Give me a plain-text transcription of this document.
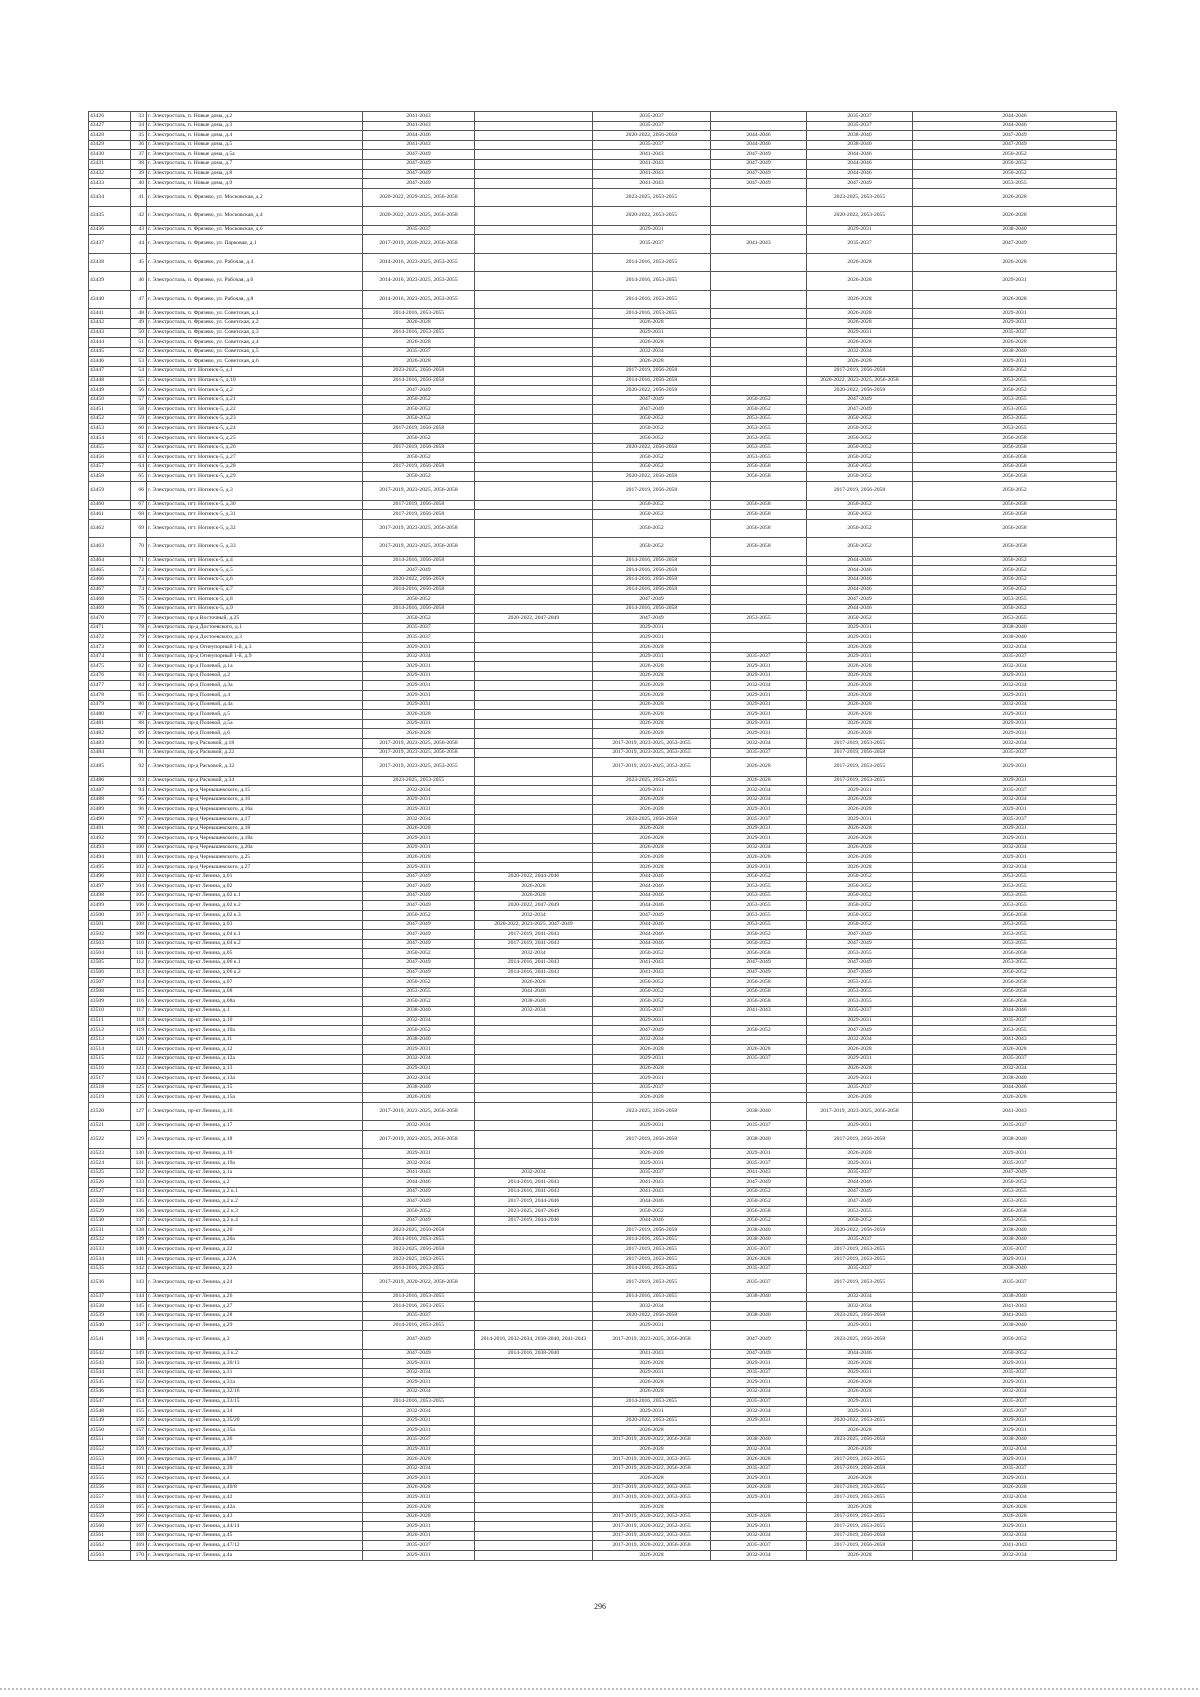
43426	33	г. Электросталь, п. Новые дома, д.2	2041-2043		2035-2037		2035-2037	2044-2046
43427	34	г. Электросталь, п. Новые дома, д.3	2041-2043		2035-2037		2035-2037	2044-2046
43428	35	г. Электросталь, п. Новые дома, д.4	2044-2046		2020-2022, 2056-2058	2044-2046	2038-2040	2047-2049
43429	36	г. Электросталь, п. Новые дома, д.5	2041-2043		2035-2037	2044-2046	2038-2040	2047-2049
43430	37	г. Электросталь, п. Новые дома, д.5а	2047-2049		2041-2043	2047-2049	2044-2046	2050-2052
43431	38	г. Электросталь, п. Новые дома, д.7	2047-2049		2041-2043	2047-2049	2044-2046	2050-2052
43432	39	г. Электросталь, п. Новые дома, д.8	2047-2049		2041-2043	2047-2049	2044-2046	2050-2052
43433	40	г. Электросталь, п. Новые дома, д.9	2047-2049		2041-2043	2047-2049	2047-2049	2053-2055
43434	41	г. Электросталь, п. Фрязево, ул. Московская, д.2	2020-2022, 2029-2025, 2056-2058		2023-2025, 2053-2055		2023-2025, 2053-2055	2026-2028
43435	42	г. Электросталь, п. Фрязево, ул. Московская, д.4	2020-2022, 2023-2025, 2056-2058		2020-2022, 2053-2055		2020-2022, 2053-2055	2026-2028
43436	43	г. Электросталь, п. Фрязево, ул. Московская, д.6	2035-2037		2029-2031		2029-2031	2038-2040
43437	44	г. Электросталь, п. Фрязево, ул. Парковая, д.1	2017-2019, 2020-2022, 2056-2058		2035-2037	2041-2043	2035-2037	2047-2049
43438	45	г. Электросталь, п. Фрязево, ул. Рабочая, д.4	2014-2016, 2023-2025, 2053-2055		2014-2016, 2053-2055		2026-2028	2026-2028
43439	46	г. Электросталь, п. Фрязево, ул. Рабочая, д.6	2014-2016, 2023-2025, 2053-2055		2014-2016, 2053-2055		2026-2028	2029-2031
43440	47	г. Электросталь, п. Фрязево, ул. Рабочая, д.8	2014-2016, 2023-2025, 2053-2055		2014-2016, 2053-2055		2026-2028	2026-2028
43441	48	г. Электросталь, п. Фрязево, ул. Советская, д.1	2014-2016, 2053-2055		2014-2016, 2053-2055		2026-2028	2029-2031
43442	49	г. Электросталь, п. Фрязево, ул. Советская, д.2	2026-2028		2026-2028		2026-2028	2029-2031
43443	50	г. Электросталь, п. Фрязево, ул. Советская, д.3	2014-2016, 2053-2055		2029-2031		2029-2031	2035-2037
43444	51	г. Электросталь, п. Фрязево, ул. Советская, д.4	2026-2028		2026-2028		2026-2028	2026-2028
43445	52	г. Электросталь, п. Фрязево, ул. Советская, д.5	2035-2037		2032-2034		2032-2034	2038-2040
43446	53	г. Электросталь, п. Фрязево, ул. Советская, д.6	2026-2028		2026-2028		2026-2028	2029-2031
43447	54	г. Электросталь, пгт. Ногинск-5, д.1	2023-2025, 2056-2058		2017-2019, 2056-2058		2017-2019, 2056-2058	2050-2052
43448	55	г. Электросталь, пгт. Ногинск-5, д.10	2014-2016, 2056-2058		2014-2016, 2056-2058		2020-2022, 2023-2025, 2056-2058	2053-2055
43449	56	г. Электросталь, пгт. Ногинск-5, д.2	2047-2049		2020-2022, 2056-2058		2020-2022, 2056-2058	2050-2052
43450	57	г. Электросталь, пгт. Ногинск-5, д.21	2050-2052		2047-2049	2050-2052	2047-2049	2053-2055
43451	58	г. Электросталь, пгт. Ногинск-5, д.22	2050-2052		2047-2049	2050-2052	2047-2049	2053-2055
43452	59	г. Электросталь, пгт. Ногинск-5, д.23	2050-2052		2050-2052	2053-2055	2050-2052	2053-2055
43453	60	г. Электросталь, пгт. Ногинск-5, д.24	2017-2019, 2056-2058		2050-2052	2053-2055	2050-2052	2053-2055
43454	61	г. Электросталь, пгт. Ногинск-5, д.25	2050-2052		2050-2052	2053-2055	2050-2052	2056-2058
43455	62	г. Электросталь, пгт. Ногинск-5, д.26	2017-2019, 2056-2058		2020-2022, 2056-2058	2053-2055	2050-2052	2056-2058
43456	63	г. Электросталь, пгт. Ногинск-5, д.27	2050-2052		2050-2052	2053-2055	2050-2052	2056-2058
43457	64	г. Электросталь, пгт. Ногинск-5, д.28	2017-2019, 2056-2058		2050-2052	2056-2058	2050-2052	2056-2058
43458	65	г. Электросталь, пгт. Ногинск-5, д.29	2050-2052		2020-2022, 2056-2058	2056-2058	2050-2052	2056-2058
43459	66	г. Электросталь, пгт. Ногинск-5, д.3	2017-2019, 2023-2025, 2056-2058		2017-2019, 2056-2058		2017-2019, 2056-2058	2050-2052
43460	67	г. Электросталь, пгт. Ногинск-5, д.30	2017-2019, 2056-2058		2050-2052	2056-2058	2050-2052	2056-2058
43461	68	г. Электросталь, пгт. Ногинск-5, д.31	2017-2019, 2056-2058		2050-2052	2056-2058	2050-2052	2056-2058
43462	69	г. Электросталь, пгт. Ногинск-5, д.32	2017-2019, 2023-2025, 2056-2058		2050-2052	2056-2058	2050-2052	2056-2058
43463	70	г. Электросталь, пгт. Ногинск-5, д.33	2017-2019, 2023-2025, 2056-2058		2050-2052	2056-2058	2050-2052	2056-2058
43464	71	г. Электросталь, пгт. Ногинск-5, д.4	2014-2016, 2056-2058		2014-2016, 2056-2058		2044-2046	2050-2052
43465	72	г. Электросталь, пгт. Ногинск-5, д.5	2047-2049		2014-2016, 2056-2058		2044-2046	2050-2052
43466	73	г. Электросталь, пгт. Ногинск-5, д.6	2020-2022, 2056-2058		2014-2016, 2056-2058		2044-2046	2050-2052
43467	74	г. Электросталь, пгт. Ногинск-5, д.7	2014-2016, 2056-2058		2014-2016, 2056-2058		2044-2046	2050-2052
43468	75	г. Электросталь, пгт. Ногинск-5, д.8	2050-2052		2047-2049		2047-2049	2053-2055
43469	76	г. Электросталь, пгт. Ногинск-5, д.9	2014-2016, 2056-2058		2014-2016, 2056-2058		2044-2046	2050-2052
43470	77	г. Электросталь, пр-д Восточный, д.25	2050-2052	2020-2022, 2047-2049	2047-2049	2053-2055	2050-2052	2053-2055
43471	78	г. Электросталь, пр-д Достоевского, д.1	2035-2037		2029-2031		2029-2031	2038-2040
43472	79	г. Электросталь, пр-д Достоевского, д.3	2035-2037		2029-2031		2029-2031	2038-2040
43473	80	г. Электросталь, пр-д Огнеупорный 1-й, д.3	2029-2031		2026-2028		2026-2028	2032-2034
43474	81	г. Электросталь, пр-д Огнеупорный 1-й, д.9	2032-2034		2029-2031	2035-2037	2029-2031	2035-2037
43475	82	г. Электросталь, пр-д Полевой, д.1а	2029-2031		2026-2028	2029-2031	2026-2028	2032-2034
43476	83	г. Электросталь, пр-д Полевой, д.2	2029-2031		2026-2028	2029-2031	2026-2028	2029-2031
43477	84	г. Электросталь, пр-д Полевой, д.3а	2029-2031		2026-2028	2032-2034	2026-2028	2032-2034
43478	85	г. Электросталь, пр-д Полевой, д.4	2029-2031		2026-2028	2029-2031	2026-2028	2029-2031
43479	86	г. Электросталь, пр-д Полевой, д.4а	2029-2031		2026-2028	2029-2031	2026-2028	2032-2034
43480	87	г. Электросталь, пр-д Полевой, д.5	2026-2028		2026-2028	2029-2031	2026-2028	2029-2031
43481	88	г. Электросталь, пр-д Полевой, д.5а	2029-2031		2026-2028	2029-2031	2026-2028	2029-2031
43482	89	г. Электросталь, пр-д Полевой, д.6	2026-2028		2026-2028	2029-2031	2026-2028	2029-2031
43483	90	г. Электросталь, пр-д Расковой, д.18	2017-2019, 2023-2025, 2056-2058		2017-2019, 2023-2025, 2053-2055	2032-2034	2017-2019, 2053-2055	2032-2034
43484	91	г. Электросталь, пр-д Расковой, д.22	2017-2019, 2023-2025, 2056-2058		2017-2019, 2023-2025, 2053-2055	2035-2037	2017-2019, 2056-2058	2035-2037
43485	92	г. Электросталь, пр-д Расковой, д.32	2017-2019, 2023-2025, 2053-2055		2017-2019, 2023-2025, 2053-2055	2026-2028	2017-2019, 2053-2055	2029-2031
43486	93	г. Электросталь, пр-д Расковой, д.34	2023-2025, 2053-2055		2023-2025, 2053-2055	2026-2028	2017-2019, 2053-2055	2029-2031
43487	94	г. Электросталь, пр-д Чернышевского, д.15	2032-2034		2029-2031	2032-2034	2029-2031	2035-2037
43488	95	г. Электросталь, пр-д Чернышевского, д.16	2029-2031		2026-2028	2032-2034	2026-2028	2032-2034
43489	96	г. Электросталь, пр-д Чернышевского, д.16а	2029-2031		2026-2028	2029-2031	2026-2028	2029-2031
43490	97	г. Электросталь, пр-д Чернышевского, д.17	2032-2034		2023-2025, 2056-2058	2035-2037	2029-2031	2035-2037
43491	98	г. Электросталь, пр-д Чернышевского, д.18	2026-2028		2026-2028	2029-2031	2026-2028	2029-2031
43492	99	г. Электросталь, пр-д Чернышевского, д.18а	2029-2031		2026-2028	2029-2031	2026-2028	2029-2031
43493	100	г. Электросталь, пр-д Чернышевского, д.20а	2029-2031		2026-2028	2032-2034	2026-2028	2032-2034
43494	101	г. Электросталь, пр-д Чернышевского, д.25	2026-2028		2026-2028	2026-2028	2026-2028	2029-2031
43495	102	г. Электросталь, пр-д Чернышевского, д.27	2029-2031		2026-2028	2029-2031	2026-2028	2032-2034
43496	103	г. Электросталь, пр-кт Ленина, д.01	2047-2049	2020-2022, 2044-2046	2044-2046	2050-2052	2050-2052	2053-2055
43497	104	г. Электросталь, пр-кт Ленина, д.02	2047-2049	2026-2028	2044-2046	2053-2055	2050-2052	2053-2055
43498	105	г. Электросталь, пр-кт Ленина, д.02 к.1	2047-2049	2026-2028	2044-2046	2053-2055	2050-2052	2053-2055
43499	106	г. Электросталь, пр-кт Ленина, д.02 к.2	2047-2049	2020-2022, 2047-2049	2044-2046	2053-2055	2050-2052	2053-2055
43500	107	г. Электросталь, пр-кт Ленина, д.02 к.3	2050-2052	2032-2034	2047-2049	2053-2055	2050-2052	2056-2058
43501	108	г. Электросталь, пр-кт Ленина, д.03	2047-2049	2020-2022, 2023-2025, 2047-2049	2044-2046	2053-2055	2050-2052	2053-2055
43502	109	г. Электросталь, пр-кт Ленина, д.04 к.1	2047-2049	2017-2019, 2041-2043	2044-2046	2050-2052	2047-2049	2053-2055
43503	110	г. Электросталь, пр-кт Ленина, д.04 к.2	2047-2049	2017-2019, 2041-2043	2044-2046	2050-2052	2047-2049	2053-2055
43504	111	г. Электросталь, пр-кт Ленина, д.05	2050-2052	2032-2034	2050-2052	2056-2058	2053-2055	2056-2058
43505	112	г. Электросталь, пр-кт Ленина, д.06 к.1	2047-2049	2014-2016, 2041-2043	2041-2043	2047-2049	2047-2049	2053-2055
43506	113	г. Электросталь, пр-кт Ленина, д.06 к.2	2047-2049	2014-2016, 2041-2043	2041-2043	2047-2049	2047-2049	2050-2052
43507	114	г. Электросталь, пр-кт Ленина, д.07	2050-2052	2026-2028	2050-2052	2056-2058	2053-2055	2056-2058
43508	115	г. Электросталь, пр-кт Ленина, д.08	2053-2055	2044-2046	2050-2052	2056-2058	2053-2055	2056-2058
43509	116	г. Электросталь, пр-кт Ленина, д.08а	2050-2052	2038-2040	2050-2052	2056-2058	2053-2055	2056-2058
43510	117	г. Электросталь, пр-кт Ленина, д.1	2038-2040	2032-2034	2035-2037	2041-2043	2035-2037	2044-2046
43511	118	г. Электросталь, пр-кт Ленина, д.10	2032-2034		2029-2031		2029-2031	2035-2037
43512	119	г. Электросталь, пр-кт Ленина, д.10а	2050-2052		2047-2049	2050-2052	2047-2049	2053-2055
43513	120	г. Электросталь, пр-кт Ленина, д.11	2038-2040		2032-2034		2032-2034	2041-2043
43514	121	г. Электросталь, пр-кт Ленина, д.12	2029-2031		2026-2028	2026-2028	2026-2028	2026-2028
43515	122	г. Электросталь, пр-кт Ленина, д.12а	2032-2034		2029-2031	2035-2037	2029-2031	2035-2037
43516	123	г. Электросталь, пр-кт Ленина, д.13	2029-2031		2026-2028		2026-2028	2032-2034
43517	124	г. Электросталь, пр-кт Ленина, д.13а	2032-2034		2029-2031		2029-2031	2038-2040
43518	125	г. Электросталь, пр-кт Ленина, д.15	2038-2040		2035-2037		2035-2037	2044-2046
43519	126	г. Электросталь, пр-кт Ленина, д.15а	2026-2028		2026-2028		2026-2028	2026-2028
43520	127	г. Электросталь, пр-кт Ленина, д.16	2017-2019, 2023-2025, 2056-2058		2023-2025, 2056-2058	2038-2040	2017-2019, 2023-2025, 2056-2058	2041-2043
43521	128	г. Электросталь, пр-кт Ленина, д.17	2032-2034		2029-2031	2035-2037	2029-2031	2035-2037
43522	129	г. Электросталь, пр-кт Ленина, д.18	2017-2019, 2023-2025, 2056-2058		2017-2019, 2056-2058	2038-2040	2017-2019, 2056-2058	2038-2040
43523	130	г. Электросталь, пр-кт Ленина, д.19	2029-2031		2026-2028	2029-2031	2026-2028	2029-2031
43524	131	г. Электросталь, пр-кт Ленина, д.19а	2032-2034		2029-2031	2035-2037	2029-2031	2035-2037
43525	132	г. Электросталь, пр-кт Ленина, д.1а	2041-2043	2032-2034	2035-2037	2041-2043	2035-2037	2047-2049
43526	133	г. Электросталь, пр-кт Ленина, д.2	2044-2046	2014-2016, 2041-2043	2041-2043	2047-2049	2044-2046	2050-2052
43527	134	г. Электросталь, пр-кт Ленина, д.2 к.1	2047-2049	2014-2016, 2041-2043	2041-2043	2050-2052	2047-2049	2053-2055
43528	135	г. Электросталь, пр-кт Ленина, д.2 к.2	2047-2049	2017-2019, 2044-2046	2044-2046	2050-2052	2047-2049	2053-2055
43529	136	г. Электросталь, пр-кт Ленина, д.2 к.3	2050-2052	2023-2025, 2047-2049	2050-2052	2056-2058	2053-2055	2056-2058
43530	137	г. Электросталь, пр-кт Ленина, д.2 к.4	2047-2049	2017-2019, 2044-2046	2044-2046	2050-2052	2050-2052	2053-2055
43531	138	г. Электросталь, пр-кт Ленина, д.20	2023-2025, 2056-2058		2017-2019, 2056-2058	2038-2040	2020-2022, 2056-2058	2038-2040
43532	139	г. Электросталь, пр-кт Ленина, д.20а	2014-2016, 2053-2055		2014-2016, 2053-2055	2038-2040	2035-2037	2038-2040
43533	140	г. Электросталь, пр-кт Ленина, д.22	2023-2025, 2056-2058		2017-2019, 2053-2055	2035-2037	2017-2019, 2053-2055	2035-2037
43534	141	г. Электросталь, пр-кт Ленина, д.22А	2023-2025, 2053-2055		2017-2019, 2053-2055	2026-2028	2017-2019, 2053-2055	2029-2031
43535	142	г. Электросталь, пр-кт Ленина, д.23	2014-2016, 2053-2055		2014-2016, 2053-2055	2035-2037	2035-2037	2038-2040
43536	143	г. Электросталь, пр-кт Ленина, д.24	2017-2019, 2020-2022, 2056-2058		2017-2019, 2053-2055	2035-2037	2017-2019, 2053-2055	2035-2037
43537	144	г. Электросталь, пр-кт Ленина, д.26	2014-2016, 2053-2055		2014-2016, 2053-2055	2038-2040	2032-2034	2038-2040
43538	145	г. Электросталь, пр-кт Ленина, д.27	2014-2016, 2053-2055		2032-2034		2032-2034	2041-2043
43539	146	г. Электросталь, пр-кт Ленина, д.28	2035-2037		2020-2022, 2056-2058	2038-2040	2023-2025, 2056-2058	2041-2043
43540	147	г. Электросталь, пр-кт Ленина, д.29	2014-2016, 2053-2055		2029-2031		2029-2031	2038-2040
43541	148	г. Электросталь, пр-кт Ленина, д.3	2047-2049	2014-2016, 2032-2034, 2038-2040, 2041-2043	2017-2019, 2023-2025, 2056-2058	2047-2049	2023-2025, 2056-2058	2050-2052
43542	149	г. Электросталь, пр-кт Ленина, д.3 к.2	2047-2049	2014-2016, 2038-2040	2041-2043	2047-2049	2044-2046	2050-2052
43543	150	г. Электросталь, пр-кт Ленина, д.30/13	2029-2031		2026-2028	2029-2031	2026-2028	2029-2031
43544	151	г. Электросталь, пр-кт Ленина, д.31	2032-2034		2029-2031	2035-2037	2029-2031	2035-2037
43545	152	г. Электросталь, пр-кт Ленина, д.31а	2029-2031		2026-2028	2029-2031	2026-2028	2029-2031
43546	153	г. Электросталь, пр-кт Ленина, д.32/16	2032-2034		2026-2028	2032-2034	2026-2028	2032-2034
43547	154	г. Электросталь, пр-кт Ленина, д.33/15	2014-2016, 2053-2055		2014-2016, 2053-2055	2035-2037	2029-2031	2035-2037
43548	155	г. Электросталь, пр-кт Ленина, д.34	2032-2034		2029-2031	2032-2034	2029-2031	2035-2037
43549	156	г. Электросталь, пр-кт Ленина, д.35/20	2029-2031		2020-2022, 2053-2055	2029-2031	2020-2022, 2053-2055	2029-2031
43550	157	г. Электросталь, пр-кт Ленина, д.35а	2029-2031		2026-2028		2026-2028	2029-2031
43551	158	г. Электросталь, пр-кт Ленина, д.36	2035-2037		2017-2019, 2020-2022, 2056-2058	2038-2040	2023-2025, 2056-2058	2038-2040
43552	159	г. Электросталь, пр-кт Ленина, д.37	2029-2031		2026-2028	2032-2034	2026-2028	2032-2034
43553	160	г. Электросталь, пр-кт Ленина, д.38/7	2026-2028		2017-2019, 2020-2022, 2053-2055	2026-2028	2017-2019, 2053-2055	2029-2031
43554	161	г. Электросталь, пр-кт Ленина, д.39	2032-2034		2017-2019, 2020-2022, 2056-2058	2035-2037	2017-2019, 2056-2058	2035-2037
43555	162	г. Электросталь, пр-кт Ленина, д.4	2029-2031		2026-2028	2029-2031	2026-2028	2029-2031
43556	163	г. Электросталь, пр-кт Ленина, д.40/8	2026-2028		2017-2019, 2020-2022, 2053-2055	2026-2028	2017-2019, 2053-2055	2026-2028
43557	164	г. Электросталь, пр-кт Ленина, д.42	2029-2031		2017-2019, 2020-2022, 2053-2055	2029-2031	2017-2019, 2053-2055	2032-2034
43558	165	г. Электросталь, пр-кт Ленина, д.42а	2026-2028		2026-2028		2026-2028	2026-2028
43559	166	г. Электросталь, пр-кт Ленина, д.43	2026-2028		2017-2019, 2020-2022, 2053-2055	2026-2028	2017-2019, 2053-2055	2026-2028
43560	167	г. Электросталь, пр-кт Ленина, д.44/14	2029-2031		2017-2019, 2020-2022, 2053-2055	2029-2031	2017-2019, 2053-2055	2029-2031
43561	168	г. Электросталь, пр-кт Ленина, д.45	2020-2031		2017-2019, 2020-2022, 2053-2055	2032-2034	2017-2019, 2056-2058	2032-2034
43562	169	г. Электросталь, пр-кт Ленина, д.47/12	2035-2037		2017-2019, 2020-2022, 2056-2058	2035-2037	2017-2019, 2056-2058	2041-2043
43563	170	г. Электросталь, пр-кт Ленина, д.4а	2029-2031		2026-2028	2032-2034	2026-2028	2032-2034
296
